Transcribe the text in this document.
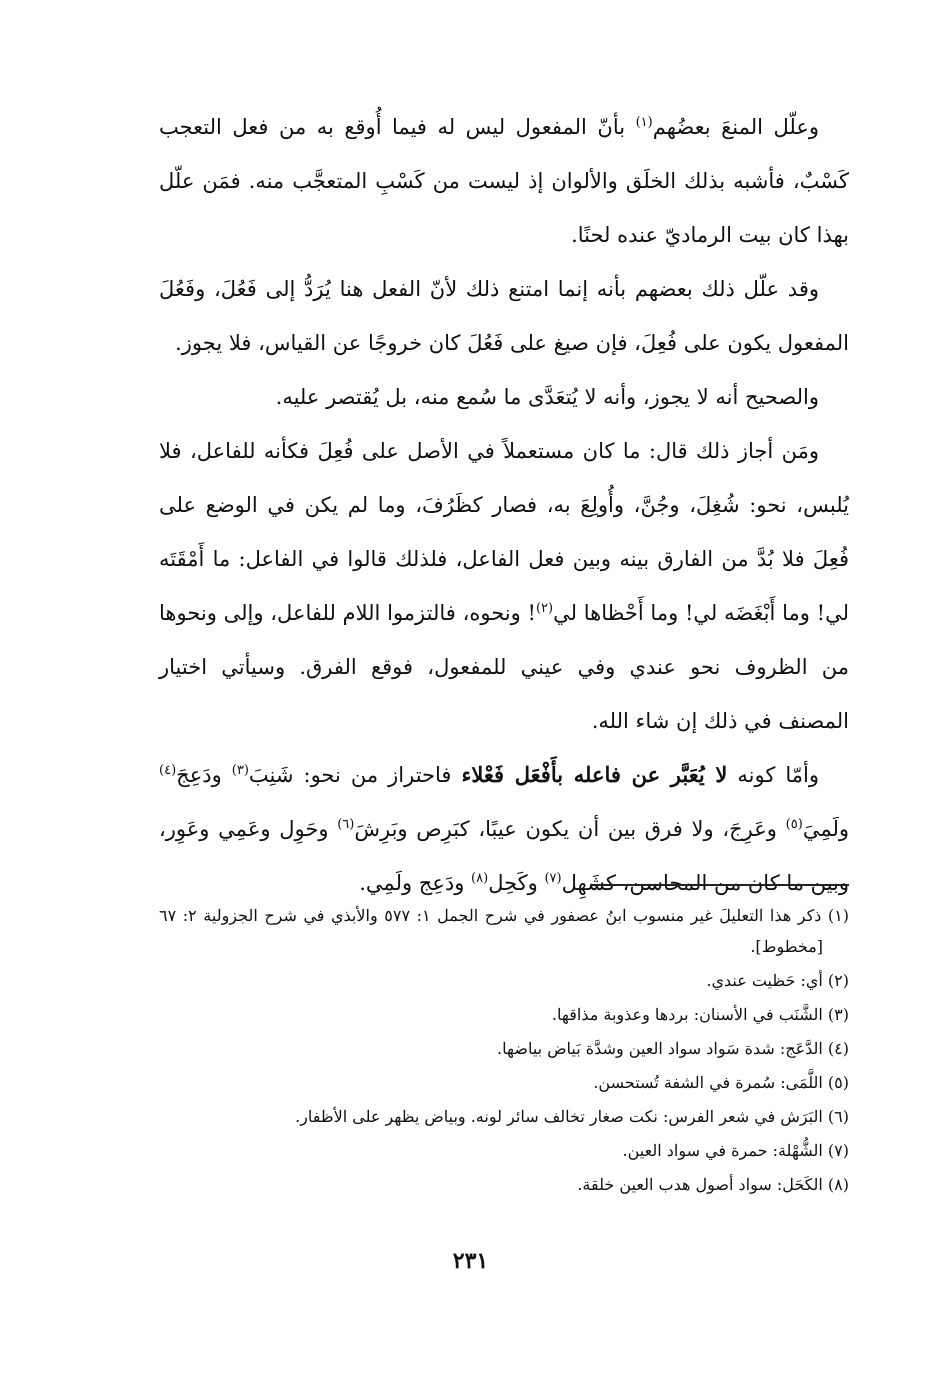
وعلّل المنعَ بعضُهم$^{(١)}$ بأنّ المفعول ليس له فيما أُوقع به من فعل التعجب كَسْبٌ، فأشبه بذلك الخلَق والألوان إذ ليست من كَسْبِ المتعجَّب منه. فمَن علّل بهذا كان بيت الرماديّ عنده لحنًا.

وقد علّل ذلك بعضهم بأنه إنما امتنع ذلك لأنّ الفعل هنا يُرَدُّ إلى فَعُلَ، وفَعُلَ المفعول يكون على فُعِلَ، فإن صيغ على فَعُلَ كان خروجًا عن القياس، فلا يجوز.

والصحيح أنه لا يجوز، وأنه لا يُتعَدَّى ما سُمع منه، بل يُقتصر عليه.

ومَن أجاز ذلك قال: ما كان مستعملاً في الأصل على فُعِلَ فكأنه للفاعل، فلا يُلبس، نحو: شُغِلَ، وجُنَّ، وأُولِعَ به، فصار كظَرُفَ، وما لم يكن في الوضع على فُعِلَ فلا بُدَّ من الفارق بينه وبين فعل الفاعل، فلذلك قالوا في الفاعل: ما أَمْقَتَه لي! وما أَبْغَضَه لي! وما أَحْظاها لي$^{(٢)}$! ونحوه، فالتزموا اللام للفاعل، وإلى ونحوها من الظروف نحو عندي وفي عيني للمفعول، فوقع الفرق. وسيأتي اختيار المصنف في ذلك إن شاء الله.

وأمّا كونه لا يُعَبَّر عن فاعله بأَفْعَل فَعْلاء فاحتراز من نحو: شَنِبَ$^{(٣)}$ ودَعِجَ$^{(٤)}$ ولَمِيَ$^{(٥)}$ وعَرِجَ، ولا فرق بين أن يكون عيبًا، كبَرِص وبَرِشَ$^{(٦)}$ وحَوِل وعَمِي وعَوِر، وبين ما كان من المحاسن، كشَهِل$^{(٧)}$ وكَحِل$^{(٨)}$ ودَعِج ولَمِي.

(١) ذكر هذا التعليلَ غير منسوب ابنُ عصفور في شرح الجمل ١: ٥٧٧ والأبذي في شرح الجزولية ٢: ٦٧ [مخطوط].

(٢) أي: حَظيت عندي.

(٣) الشَّنَب في الأسنان: بردها وعذوبة مذاقها.

(٤) الدَّعَج: شدة سَواد سواد العين وشدَّة بَياض بياضها.

(٥) اللَّمَى: سُمرة في الشفة تُستحسن.

(٦) البَرَش في شعر الفرس: نكت صغار تخالف سائر لونه. وبياض يظهر على الأظفار.

(٧) الشُّهْلة: حمرة في سواد العين.

(٨) الكَحَل: سواد أصول هدب العين خلقة.

٢٣١
